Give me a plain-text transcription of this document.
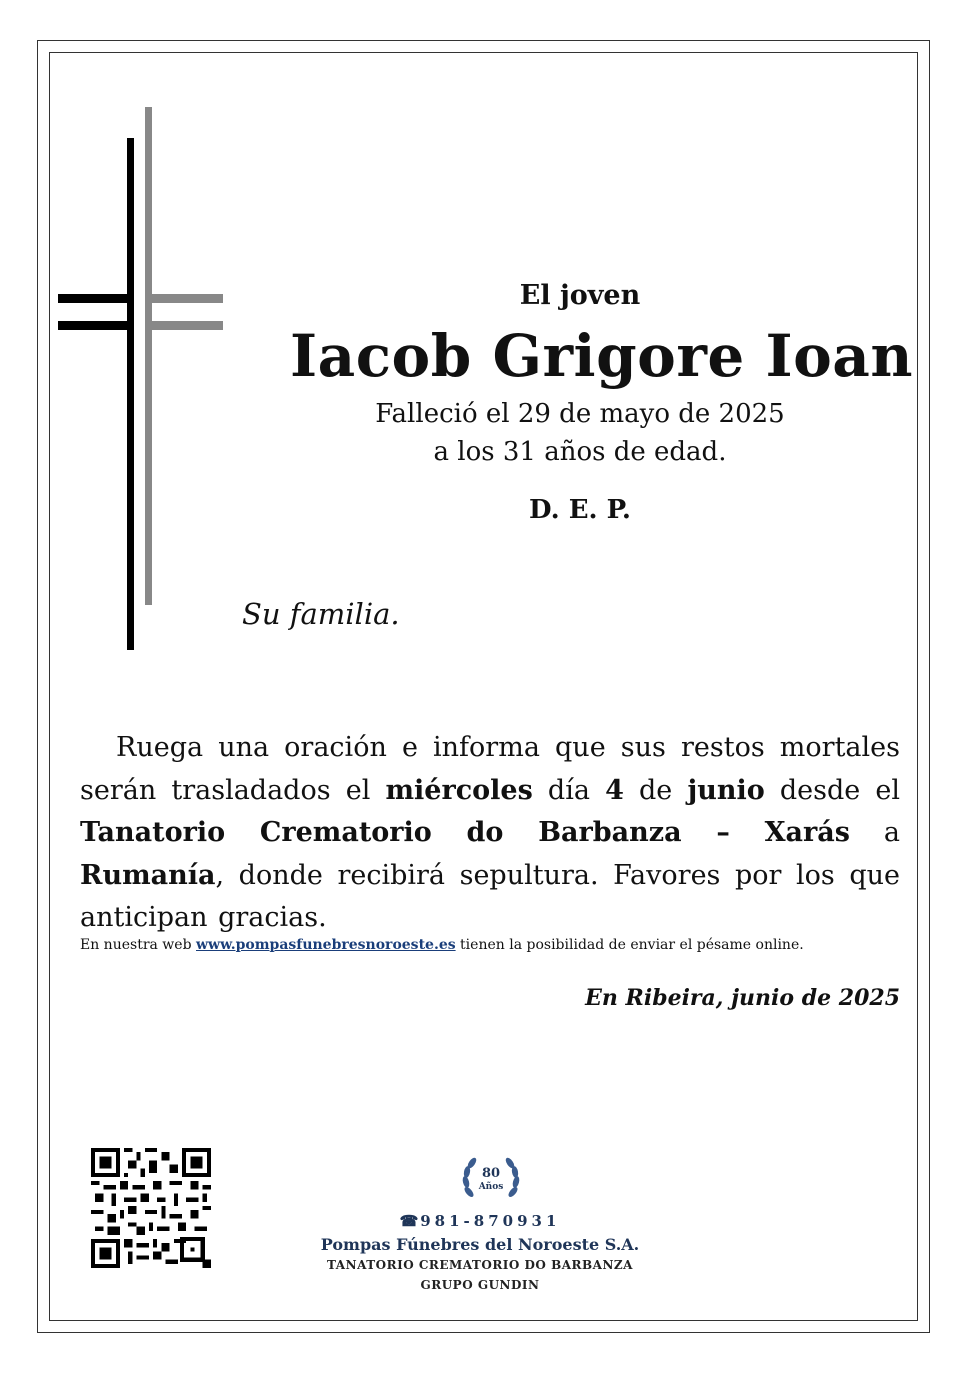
El joven
Iacob Grigore Ioan
Falleció el 29 de mayo de 2025
a los 31 años de edad.
D. E. P.
Su familia.
Ruega una oración e informa que sus restos mortales serán trasladados el miércoles día 4 de junio desde el Tanatorio Crematorio do Barbanza – Xarás a Rumanía, donde recibirá sepultura. Favores por los que anticipan gracias.
En nuestra web www.pompasfunebresnoroeste.es tienen la posibilidad de enviar el pésame online.
En Ribeira, junio de 2025
80
Años
☎ 981-870931
Pompas Fúnebres del Noroeste S.A.
TANATORIO CREMATORIO DO BARBANZA
GRUPO GUNDIN
